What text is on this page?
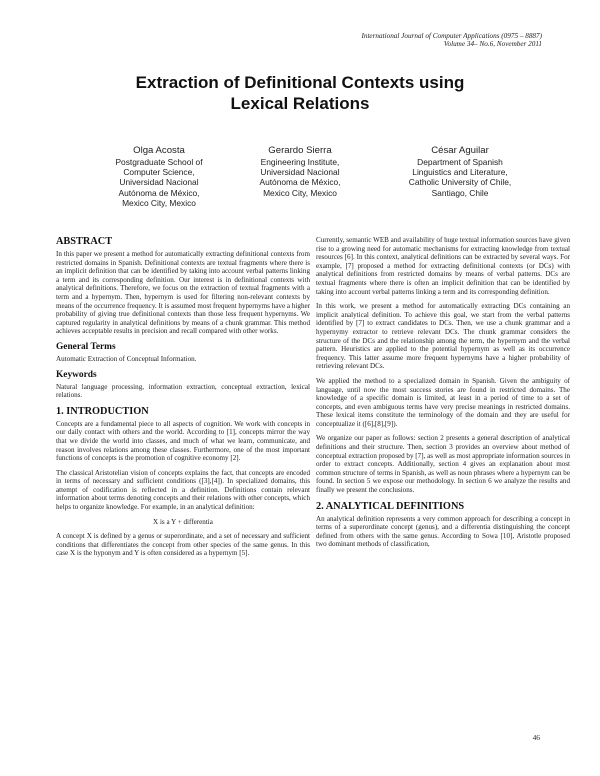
International Journal of Computer Applications (0975 – 8887)
Volume 34– No.6, November 2011
Extraction of Definitional Contexts using
Lexical Relations
Olga Acosta
Postgraduate School of
Computer Science,
Universidad Nacional
Autónoma de México,
Mexico City, Mexico
Gerardo Sierra
Engineering Institute,
Universidad Nacional
Autónoma de México,
Mexico City, Mexico
César Aguilar
Department of Spanish
Linguistics and Literature,
Catholic University of Chile,
Santiago, Chile
ABSTRACT

In this paper we present a method for automatically extracting definitional contexts from restricted domains in Spanish. Definitional contexts are textual fragments where there is an implicit definition that can be identified by taking into account verbal patterns linking a term and its corresponding definition. Our interest is in definitional contexts with analytical definitions. Therefore, we focus on the extraction of textual fragments with a term and a hypernym. Then, hypernym is used for filtering non-relevant contexts by means of the occurrence frequency. It is assumed most frequent hypernyms have a higher probability of giving true definitional contexts than those less frequent hypernyms. We captured regularity in analytical definitions by means of a chunk grammar. This method achieves acceptable results in precision and recall compared with other works.

General Terms

Automatic Extraction of Conceptual Information.

Keywords

Natural language processing, information extraction, conceptual extraction, lexical relations.

1. INTRODUCTION

Concepts are a fundamental piece to all aspects of cognition. We work with concepts in our daily contact with others and the world. According to [1], concepts mirror the way that we divide the world into classes, and much of what we learn, communicate, and reason involves relations among these classes. Furthermore, one of the most important functions of concepts is the promotion of cognitive economy [2].

The classical Aristotelian vision of concepts explains the fact, that concepts are encoded in terms of necessary and sufficient conditions ([3],[4]). In specialized domains, this attempt of codification is reflected in a definition. Definitions contain relevant information about terms denoting concepts and their relations with other concepts, which helps to organize knowledge. For example, in an analytical definition:

X is a Y + differentia

A concept X is defined by a genus or superordinate, and a set of necessary and sufficient conditions that differentiates the concept from other species of the same genus. In this case X is the hyponym and Y is often considered as a hypernym [5].

Currently, semantic WEB and availability of huge textual information sources have given rise to a growing need for automatic mechanisms for extracting knowledge from textual resources [6]. In this context, analytical definitions can be extracted by several ways. For example, [7] proposed a method for extracting definitional contexts (or DCs) with analytical definitions from restricted domains by means of verbal patterns. DCs are textual fragments where there is often an implicit definition that can be identified by taking into account verbal patterns linking a term and its corresponding definition.

In this work, we present a method for automatically extracting DCs containing an implicit analytical definition. To achieve this goal, we start from the verbal patterns identified by [7] to extract candidates to DCs. Then, we use a chunk grammar and a hypernymy extractor to retrieve relevant DCs. The chunk grammar considers the structure of the DCs and the relationship among the term, the hypernym and the verbal pattern. Heuristics are applied to the potential hypernym as well as its occurrence frequency. This latter assume more frequent hypernyms have a higher probability of retrieving relevant DCs.

We applied the method to a specialized domain in Spanish. Given the ambiguity of language, until now the most success stories are found in restricted domains. The knowledge of a specific domain is limited, at least in a period of time to a set of concepts, and even ambiguous terms have very precise meanings in restricted domains. These lexical items constitute the terminology of the domain and they are useful for conceptualize it ([6],[8],[9]).

We organize our paper as follows: section 2 presents a general description of analytical definitions and their structure. Then, section 3 provides an overview about method of conceptual extraction proposed by [7], as well as most appropriate information sources in order to extract concepts. Additionally, section 4 gives an explanation about most common structure of terms in Spanish, as well as noun phrases where a hypernym can be found. In section 5 we expose our methodology. In section 6 we analyze the results and finally we present the conclusions.

2. ANALYTICAL DEFINITIONS

An analytical definition represents a very common approach for describing a concept in terms of a superordinate concept (genus), and a differentia distinguishing the concept defined from others with the same genus. According to Sowa [10], Aristotle proposed two dominant methods of classification,

46
